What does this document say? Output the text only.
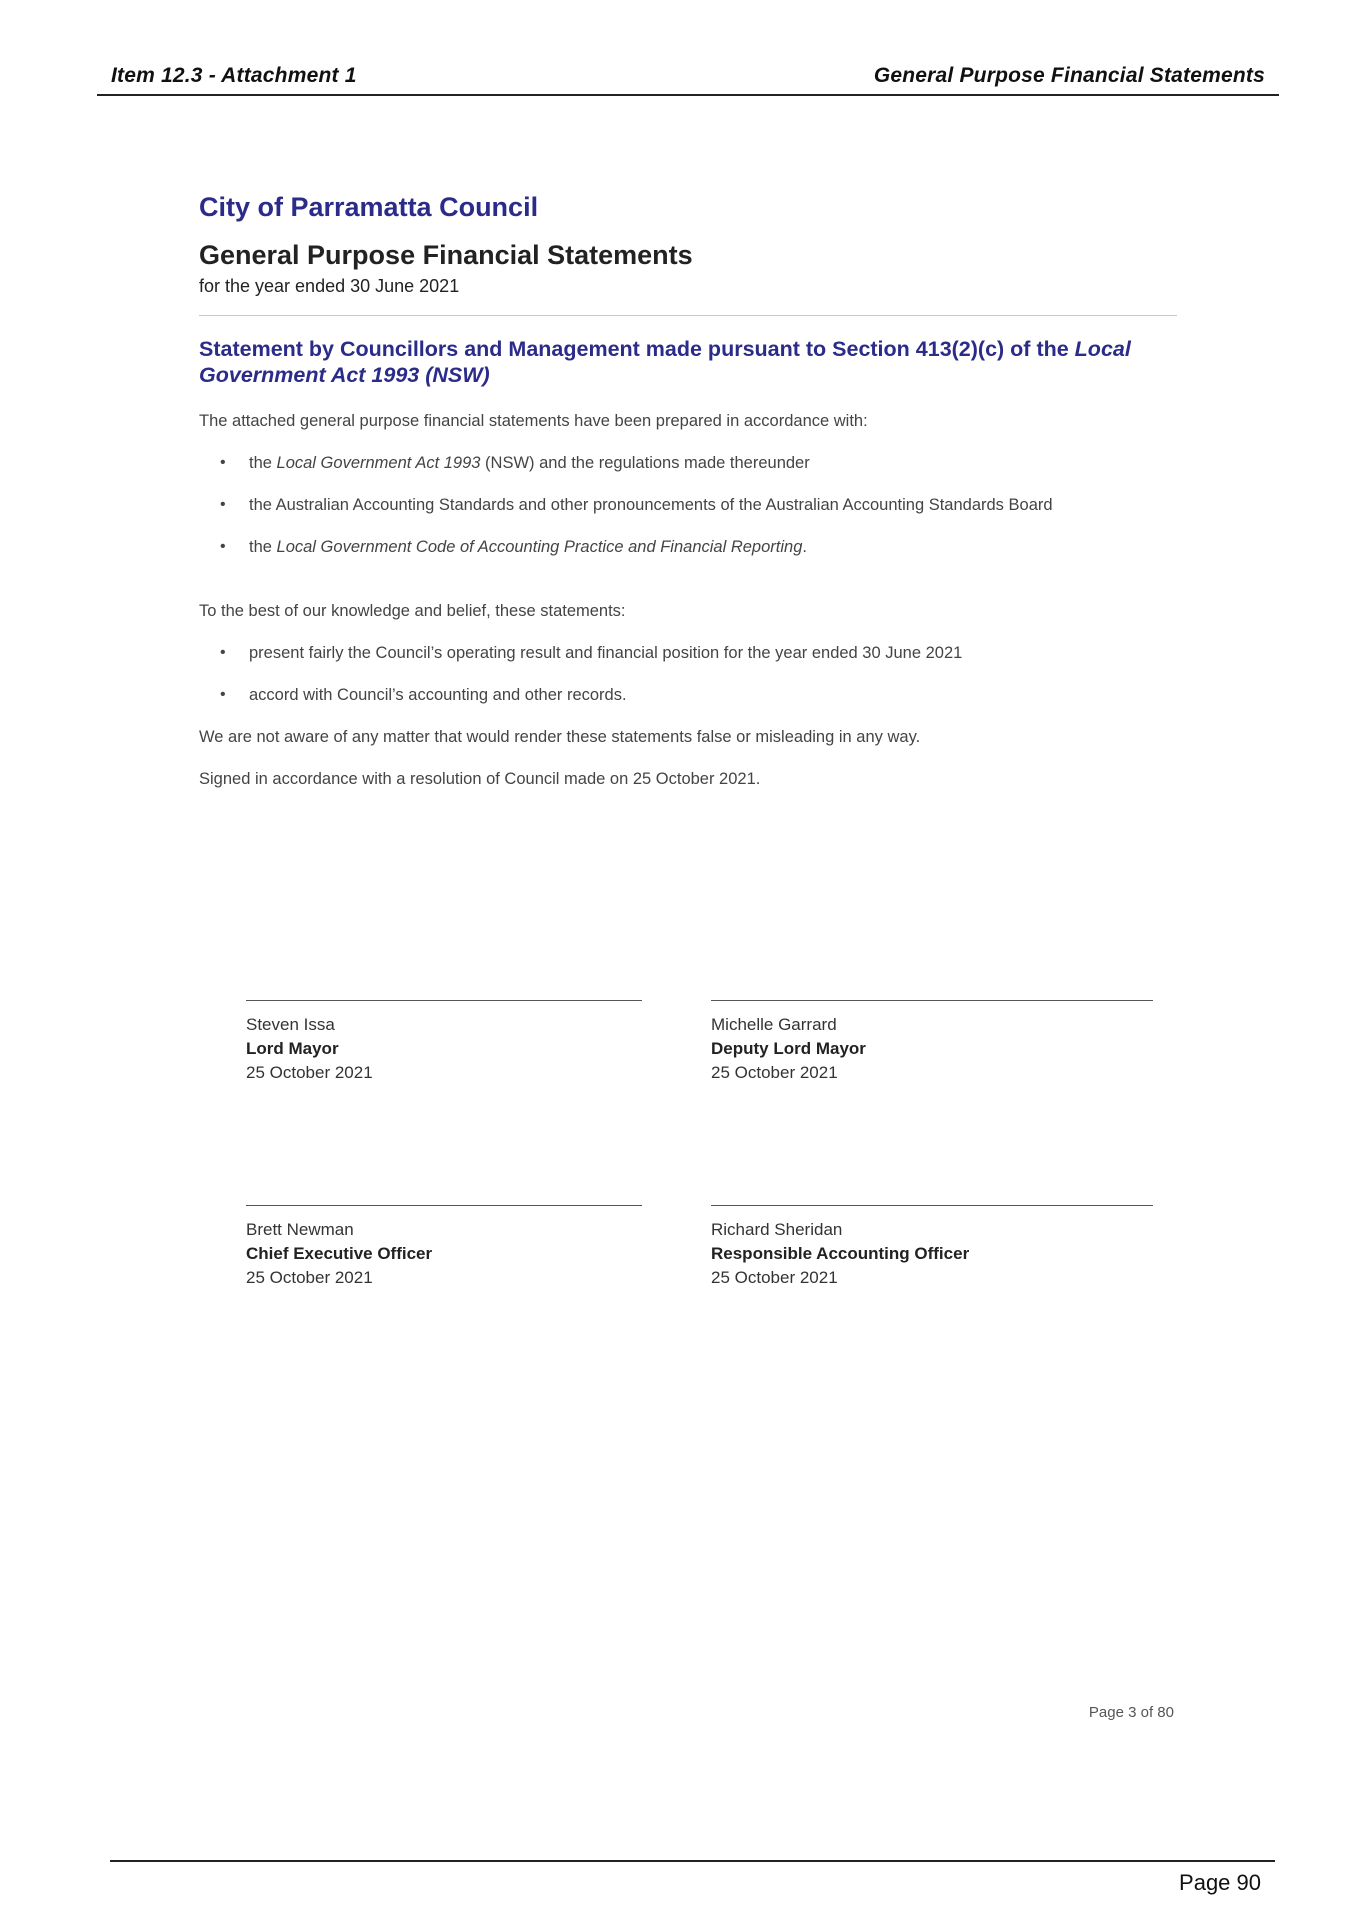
Item 12.3 - Attachment 1	General Purpose Financial Statements
City of Parramatta Council
General Purpose Financial Statements
for the year ended 30 June 2021
Statement by Councillors and Management made pursuant to Section 413(2)(c) of the Local Government Act 1993 (NSW)

The attached general purpose financial statements have been prepared in accordance with:

• the Local Government Act 1993 (NSW) and the regulations made thereunder
• the Australian Accounting Standards and other pronouncements of the Australian Accounting Standards Board
• the Local Government Code of Accounting Practice and Financial Reporting.

To the best of our knowledge and belief, these statements:

• present fairly the Council’s operating result and financial position for the year ended 30 June 2021
• accord with Council’s accounting and other records.

We are not aware of any matter that would render these statements false or misleading in any way.

Signed in accordance with a resolution of Council made on 25 October 2021.

Steven Issa
Lord Mayor
25 October 2021
Michelle Garrard
Deputy Lord Mayor
25 October 2021
Brett Newman
Chief Executive Officer
25 October 2021
Richard Sheridan
Responsible Accounting Officer
25 October 2021
Page 3 of 80
Page 90
